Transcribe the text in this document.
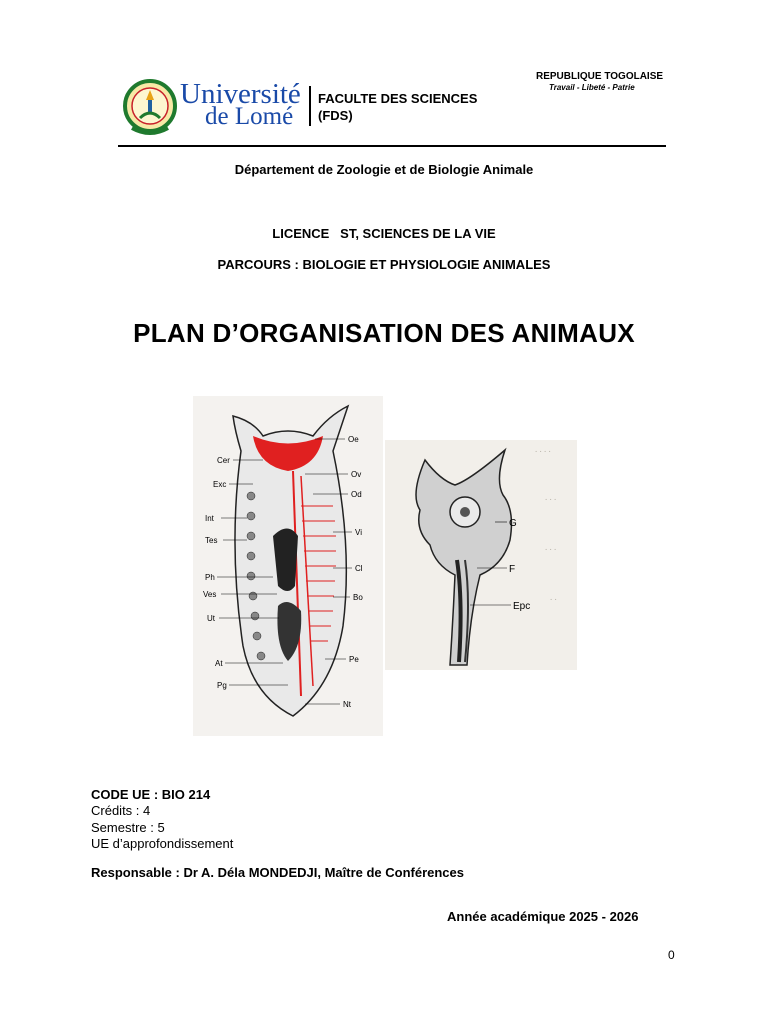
Université
de Lomé
FACULTE DES SCIENCES
(FDS)
REPUBLIQUE TOGOLAISE
Travail - Libeté - Patrie
Département de Zoologie et de Biologie Animale
LICENCE   ST, SCIENCES DE LA VIE
PARCOURS : BIOLOGIE ET PHYSIOLOGIE ANIMALES
PLAN D’ORGANISATION DES ANIMAUX
Cer
Exc
Int
Tes
Ph
Ves
Ut
At
Pg
Oe
Ov
Od
Vi
Cl
Bo
Pe
Nt
. . . .
. . .
. . .
. .
G
F
Epc
CODE UE : BIO 214
Crédits : 4
Semestre : 5
UE d’approfondissement
Responsable : Dr A. Déla MONDEDJI, Maître de Conférences
Année académique 2025 - 2026
0
